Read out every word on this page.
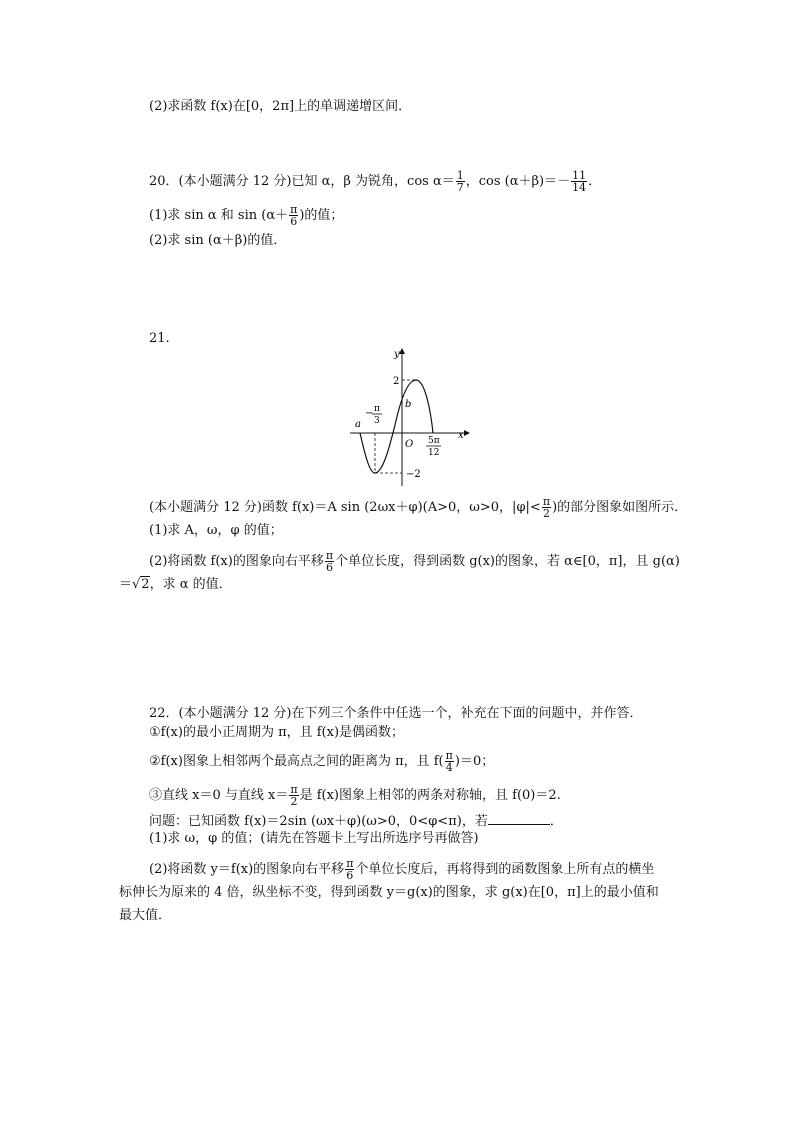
(2)求函数 f(x)在[0，2π]上的单调递增区间．
20．(本小题满分 12 分)已知 α，β 为锐角，$\cos \alpha= \frac{1}{7}$ ，$\cos (\alpha+\beta)=- \frac{11}{14}$ ．
(1)求 sin α 和 $\sin (\alpha+ \frac{\pi}{6}$ )的值；
(2)求 sin (α＋β)的值．
21.
y
x
O
2
−2
a
b
− π
3
5π
12
(本小题满分 12 分)函数 f(x)＝A sin (2ωx＋φ)(A>0，ω>0，$|\varphi|< \frac{\pi}{2}$ )的部分图象如图所示．
(1)求 A，ω，φ 的值；
(2)将函数 f(x)的图象向右平移 $\frac{\pi}{6}$ 个单位长度，得到函数 g(x)的图象，若 α∈[0，π]，且 g(α)
＝√2，求 α 的值．
22．(本小题满分 12 分)在下列三个条件中任选一个，补充在下面的问题中，并作答．
①f(x)的最小正周期为 π，且 f(x)是偶函数；
②f(x)图象上相邻两个最高点之间的距离为 π，且 $f( \frac{\pi}{4} )=0$；
③直线 x＝0 与直线 $x= \frac{\pi}{2}$ 是 f(x)图象上相邻的两条对称轴，且 f(0)＝2.
问题：已知函数 f(x)＝2sin (ωx＋φ)(ω>0，0<φ<π)，若	．
(1)求 ω，φ 的值；(请先在答题卡上写出所选序号再做答)
(2)将函数 y＝f(x)的图象向右平移 $\frac{\pi}{6}$ 个单位长度后，再将得到的函数图象上所有点的横坐
标伸长为原来的 4 倍，纵坐标不变，得到函数 y＝g(x)的图象，求 g(x)在[0，π]上的最小值和
最大值．
